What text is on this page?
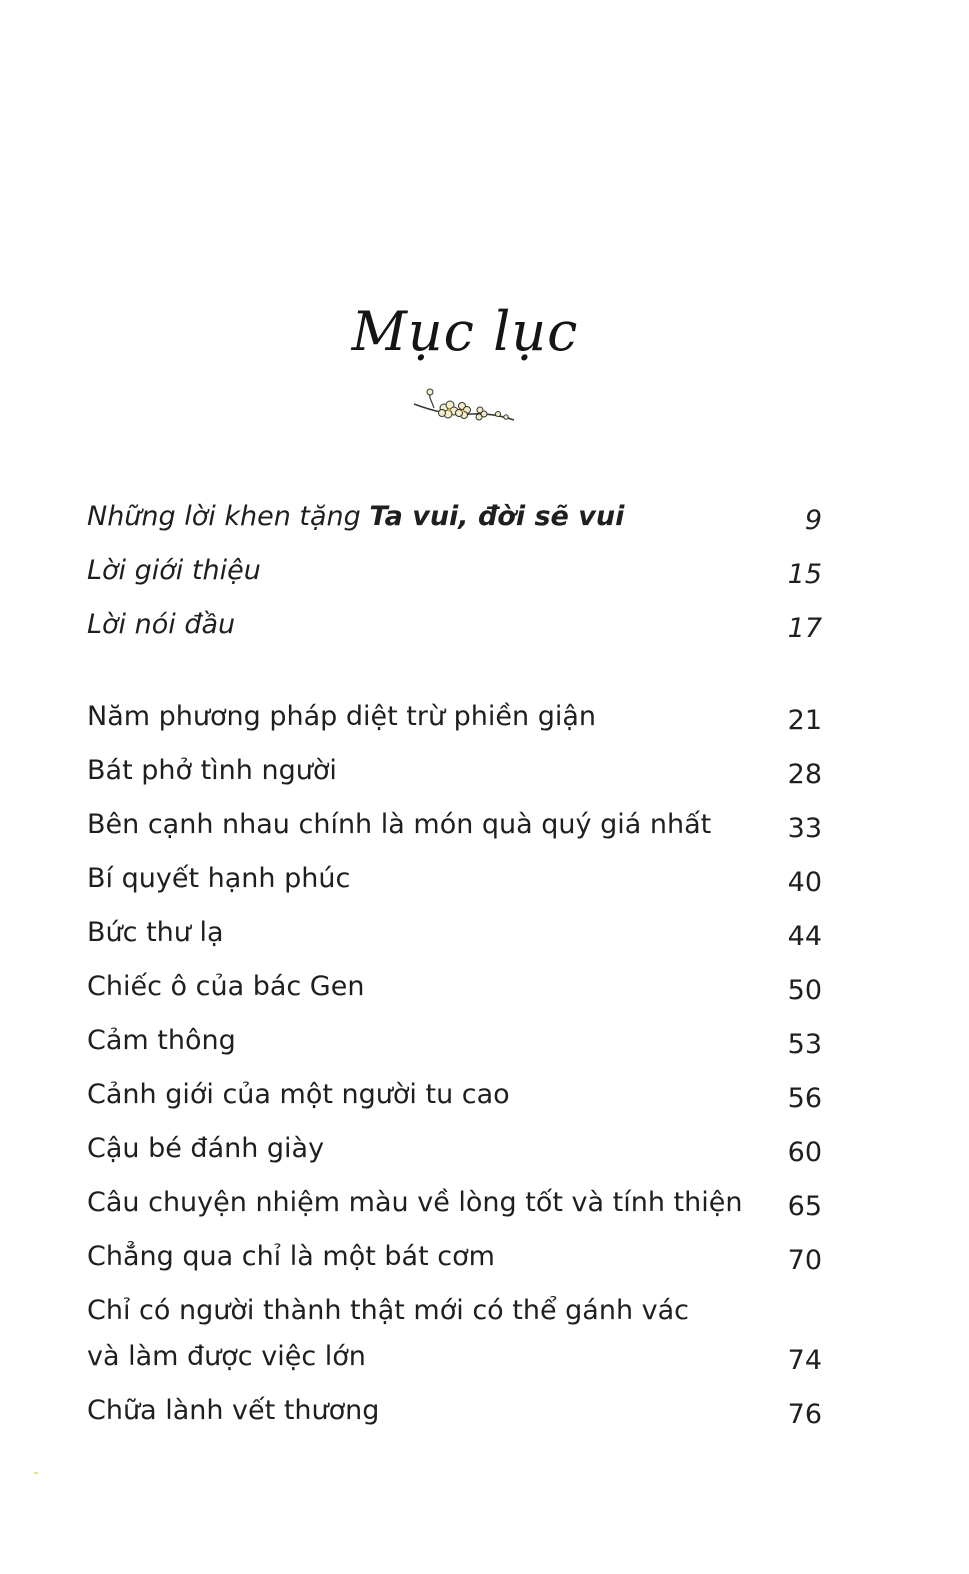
Mục lục
Những lời khen tặng Ta vui, đời sẽ vui	9
Lời giới thiệu	15
Lời nói đầu	17
Năm phương pháp diệt trừ phiền giận	21
Bát phở tình người	28
Bên cạnh nhau chính là món quà quý giá nhất	33
Bí quyết hạnh phúc	40
Bức thư lạ	44
Chiếc ô của bác Gen	50
Cảm thông	53
Cảnh giới của một người tu cao	56
Cậu bé đánh giày	60
Câu chuyện nhiệm màu về lòng tốt và tính thiện	65
Chẳng qua chỉ là một bát cơm	70
Chỉ có người thành thật mới có thể gánh vác
và làm được việc lớn	74
Chữa lành vết thương	76
